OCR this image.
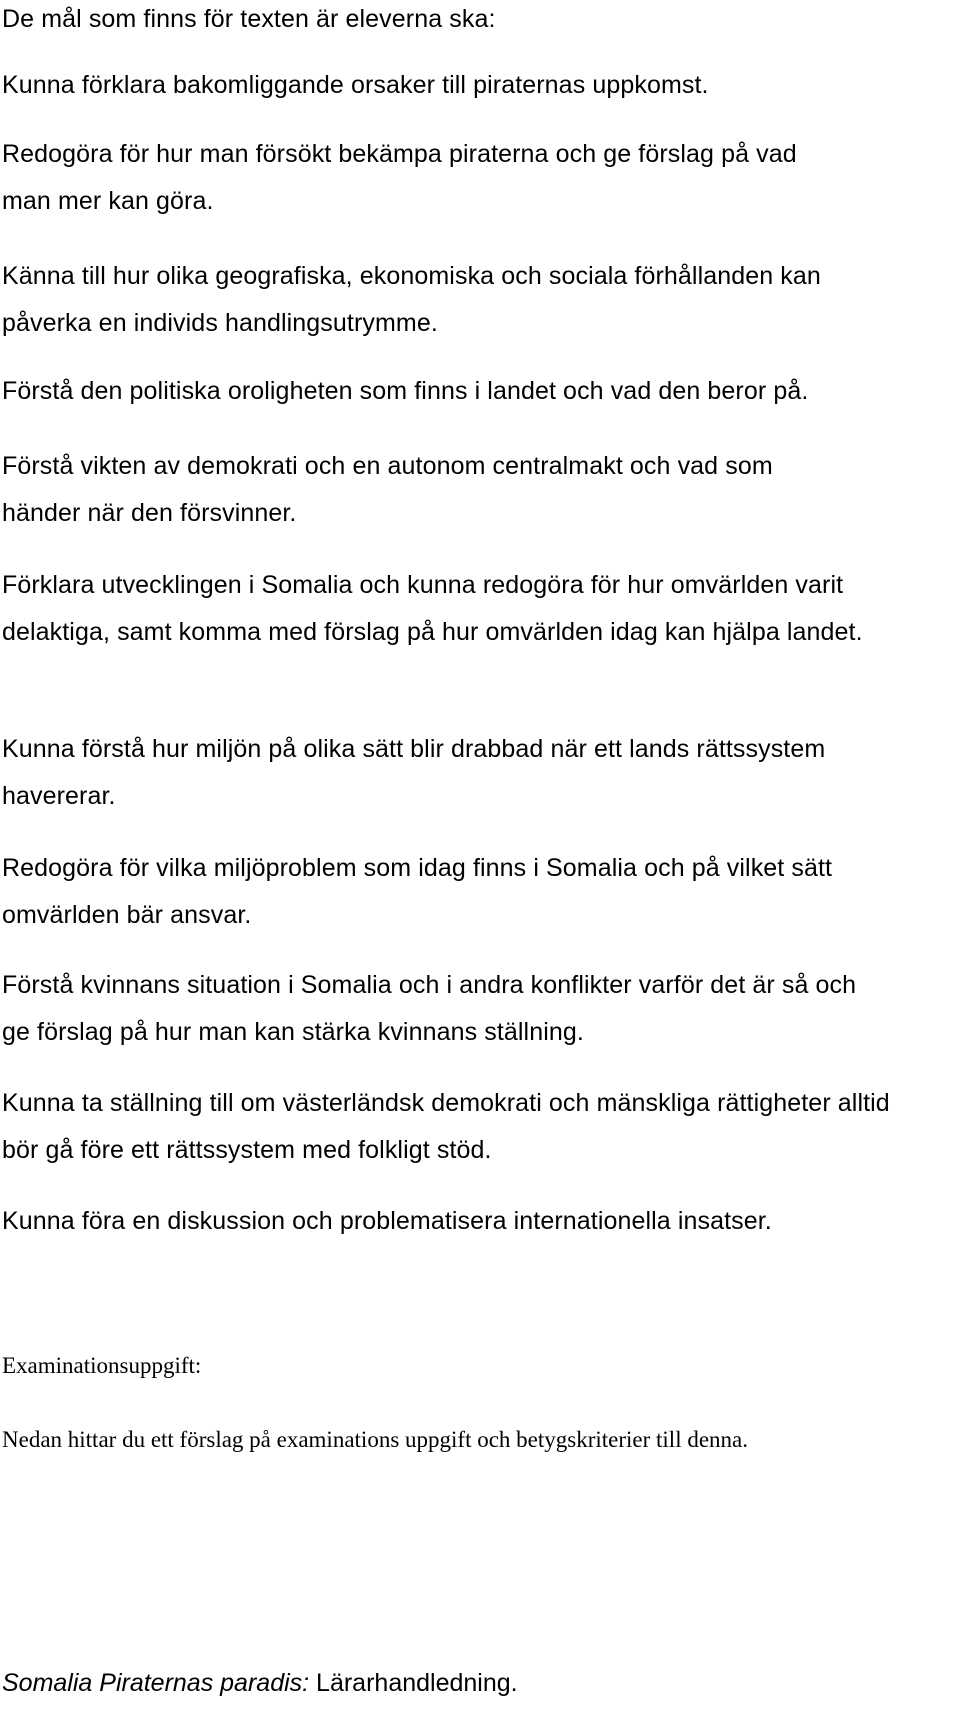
De mål som finns för texten är eleverna ska:

Kunna förklara bakomliggande orsaker till piraternas uppkomst.
Redogöra för hur man försökt bekämpa piraterna och ge förslag på vad man mer kan göra.
Känna till hur olika geografiska, ekonomiska och sociala förhållanden kan påverka en individs handlingsutrymme.
Förstå den politiska oroligheten som finns i landet och vad den beror på.
Förstå vikten av demokrati och en autonom centralmakt och vad som händer när den försvinner.
Förklara utvecklingen i Somalia och kunna redogöra för hur omvärlden varit delaktiga, samt komma med förslag på hur omvärlden idag kan hjälpa landet.
Kunna förstå hur miljön på olika sätt blir drabbad när ett lands rättssystem havererar.
Redogöra för vilka miljöproblem som idag finns i Somalia och på vilket sätt omvärlden bär ansvar.
Förstå kvinnans situation i Somalia och i andra konflikter varför det är så och ge förslag på hur man kan stärka kvinnans ställning.
Kunna ta ställning till om västerländsk demokrati och mänskliga rättigheter alltid bör gå före ett rättssystem med folkligt stöd.
Kunna föra en diskussion och problematisera internationella insatser.
Examinationsuppgift:
Nedan hittar du ett förslag på examinations uppgift och betygskriterier till denna.
Somalia Piraternas paradis: Lärarhandledning.
